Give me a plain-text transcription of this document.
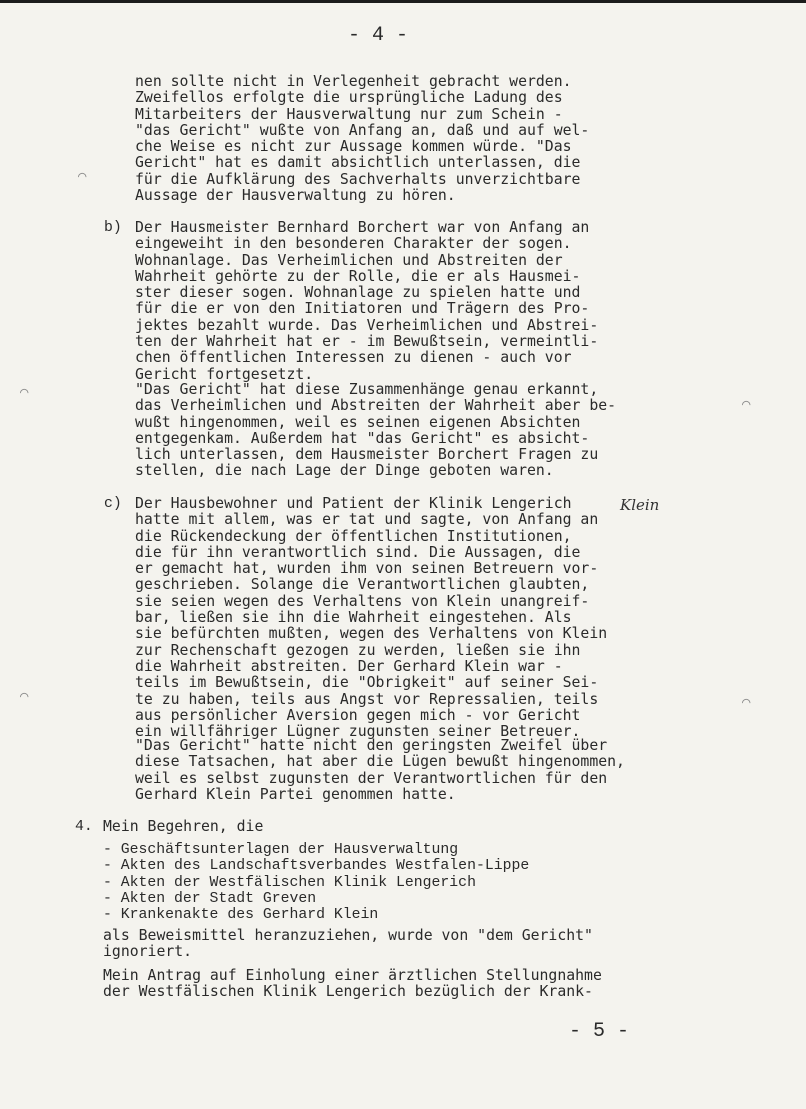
- 4 -
nen sollte nicht in Verlegenheit gebracht werden.
Zweifellos erfolgte die ursprüngliche Ladung des
Mitarbeiters der Hausverwaltung nur zum Schein -
"das Gericht" wußte von Anfang an, daß und auf wel-
che Weise es nicht zur Aussage kommen würde. "Das
Gericht" hat es damit absichtlich unterlassen, die
für die Aufklärung des Sachverhalts unverzichtbare
Aussage der Hausverwaltung zu hören.
b) Der Hausmeister Bernhard Borchert war von Anfang an
eingeweiht in den besonderen Charakter der sogen.
Wohnanlage. Das Verheimlichen und Abstreiten der
Wahrheit gehörte zu der Rolle, die er als Hausmei-
ster dieser sogen. Wohnanlage zu spielen hatte und
für die er von den Initiatoren und Trägern des Pro-
jektes bezahlt wurde. Das Verheimlichen und Abstrei-
ten der Wahrheit hat er - im Bewußtsein, vermeintli-
chen öffentlichen Interessen zu dienen - auch vor
Gericht fortgesetzt.
"Das Gericht" hat diese Zusammenhänge genau erkannt,
das Verheimlichen und Abstreiten der Wahrheit aber be-
wußt hingenommen, weil es seinen eigenen Absichten
entgegenkam. Außerdem hat "das Gericht" es absicht-
lich unterlassen, dem Hausmeister Borchert Fragen zu
stellen, die nach Lage der Dinge geboten waren.
c) Der Hausbewohner und Patient der Klinik Lengerich
hatte mit allem, was er tat und sagte, von Anfang an
die Rückendeckung der öffentlichen Institutionen,
die für ihn verantwortlich sind. Die Aussagen, die
er gemacht hat, wurden ihm von seinen Betreuern vor-
geschrieben. Solange die Verantwortlichen glaubten,
sie seien wegen des Verhaltens von Klein unangreif-
bar, ließen sie ihn die Wahrheit eingestehen. Als
sie befürchten mußten, wegen des Verhaltens von Klein
zur Rechenschaft gezogen zu werden, ließen sie ihn
die Wahrheit abstreiten. Der Gerhard Klein war -
teils im Bewußtsein, die "Obrigkeit" auf seiner Sei-
te zu haben, teils aus Angst vor Repressalien, teils
aus persönlicher Aversion gegen mich - vor Gericht
ein willfähriger Lügner zugunsten seiner Betreuer.
Klein
"Das Gericht" hatte nicht den geringsten Zweifel über
diese Tatsachen, hat aber die Lügen bewußt hingenommen,
weil es selbst zugunsten der Verantwortlichen für den
Gerhard Klein Partei genommen hatte.
4. Mein Begehren, die
- Geschäftsunterlagen der Hausverwaltung
- Akten des Landschaftsverbandes Westfalen-Lippe
- Akten der Westfälischen Klinik Lengerich
- Akten der Stadt Greven
- Krankenakte des Gerhard Klein
als Beweismittel heranzuziehen, wurde von "dem Gericht"
ignoriert.
Mein Antrag auf Einholung einer ärztlichen Stellungnahme
der Westfälischen Klinik Lengerich bezüglich der Krank-
- 5 -
⌒
⌒
⌒
⌒
⌒
